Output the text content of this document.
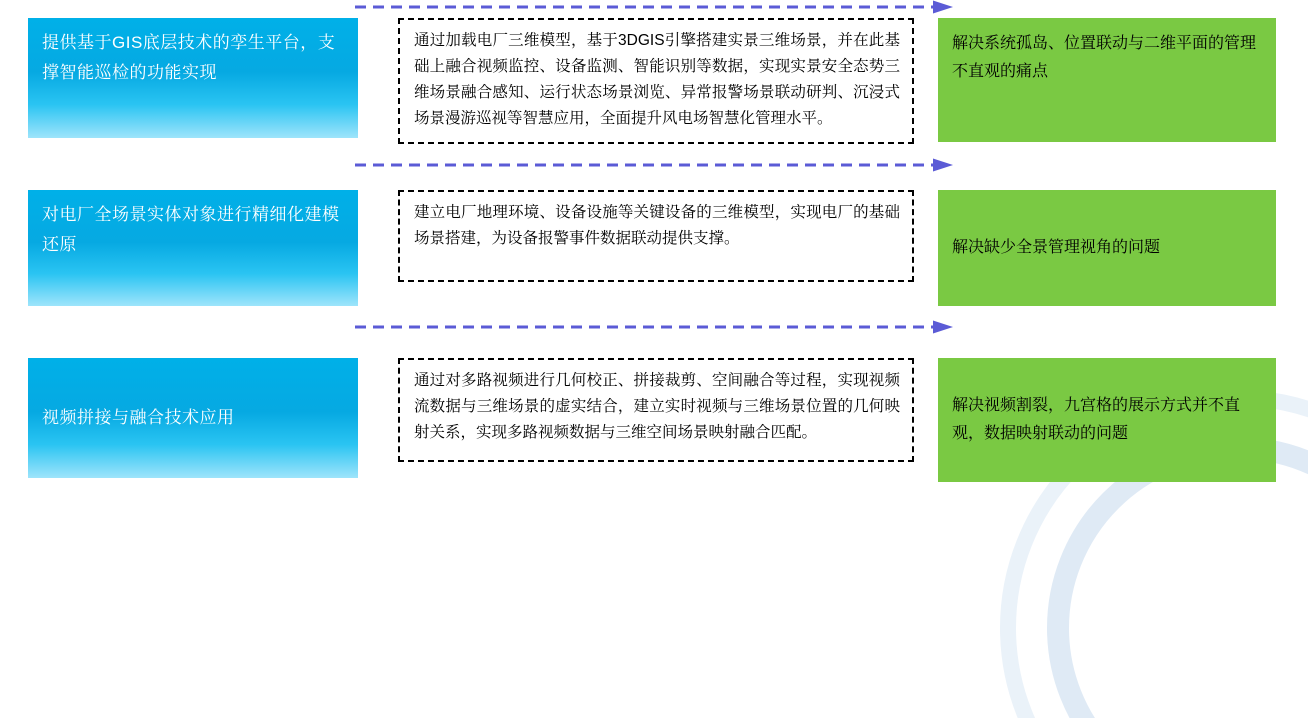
提供基于GIS底层技术的孪生平台，支撑智能巡检的功能实现
通过加载电厂三维模型，基于3DGIS引擎搭建实景三维场景，并在此基础上融合视频监控、设备监测、智能识别等数据，实现实景安全态势三维场景融合感知、运行状态场景浏览、异常报警场景联动研判、沉浸式场景漫游巡视等智慧应用，全面提升风电场智慧化管理水平。
解决系统孤岛、位置联动与二维平面的管理不直观的痛点
对电厂全场景实体对象进行精细化建模还原
建立电厂地理环境、设备设施等关键设备的三维模型，实现电厂的基础场景搭建，为设备报警事件数据联动提供支撑。
解决缺少全景管理视角的问题
视频拼接与融合技术应用
通过对多路视频进行几何校正、拼接裁剪、空间融合等过程，实现视频流数据与三维场景的虚实结合，建立实时视频与三维场景位置的几何映射关系，实现多路视频数据与三维空间场景映射融合匹配。
解决视频割裂，九宫格的展示方式并不直观，数据映射联动的问题
